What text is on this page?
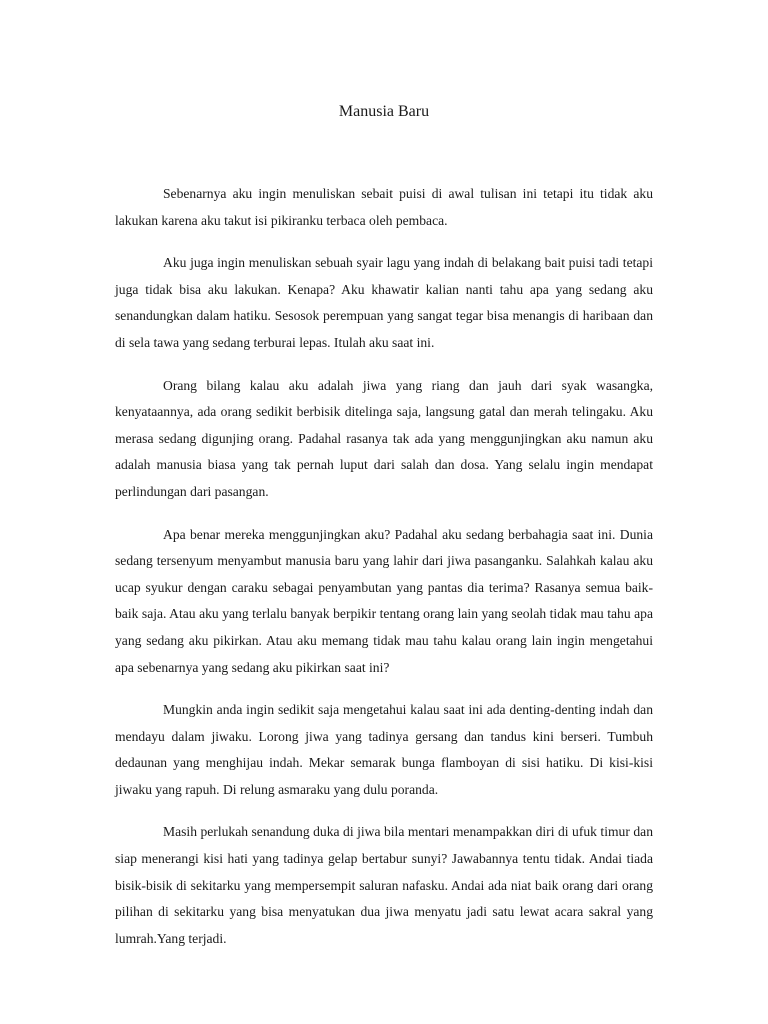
Manusia Baru

Sebenarnya aku ingin menuliskan sebait puisi di awal tulisan ini tetapi itu tidak aku lakukan karena aku takut isi pikiranku terbaca oleh pembaca.

Aku juga ingin menuliskan sebuah syair lagu yang indah di belakang bait puisi tadi tetapi juga tidak bisa aku lakukan. Kenapa? Aku khawatir kalian nanti tahu apa yang sedang aku senandungkan dalam hatiku. Sesosok perempuan yang sangat tegar bisa menangis di haribaan dan di sela tawa yang sedang terburai lepas. Itulah aku saat ini.

Orang bilang kalau aku adalah jiwa yang riang dan jauh dari syak wasangka, kenyataannya, ada orang sedikit berbisik ditelinga saja, langsung gatal dan merah telingaku. Aku merasa sedang digunjing orang. Padahal rasanya tak ada yang menggunjingkan aku namun aku adalah manusia biasa yang tak pernah luput dari salah dan dosa. Yang selalu ingin mendapat perlindungan dari pasangan.

Apa benar mereka menggunjingkan aku? Padahal aku sedang berbahagia saat ini. Dunia sedang tersenyum menyambut manusia baru yang lahir dari jiwa pasanganku. Salahkah kalau aku ucap syukur dengan caraku sebagai penyambutan yang pantas dia terima? Rasanya semua baik-baik saja. Atau aku yang terlalu banyak berpikir tentang orang lain yang seolah tidak mau tahu apa yang sedang aku pikirkan. Atau aku memang tidak mau tahu kalau orang lain ingin mengetahui apa sebenarnya yang sedang aku pikirkan saat ini?

Mungkin anda ingin sedikit saja mengetahui kalau saat ini ada denting-denting indah dan mendayu dalam jiwaku. Lorong jiwa yang tadinya gersang dan tandus kini berseri. Tumbuh dedaunan yang menghijau indah. Mekar semarak bunga flamboyan di sisi hatiku. Di kisi-kisi jiwaku yang rapuh. Di relung asmaraku yang dulu poranda.

Masih perlukah senandung duka di jiwa bila mentari menampakkan diri di ufuk timur dan siap menerangi kisi hati yang tadinya gelap bertabur sunyi? Jawabannya tentu tidak. Andai tiada bisik-bisik di sekitarku yang mempersempit saluran nafasku. Andai ada niat baik orang dari orang pilihan di sekitarku yang bisa menyatukan dua jiwa menyatu jadi satu lewat acara sakral yang lumrah.Yang terjadi.
